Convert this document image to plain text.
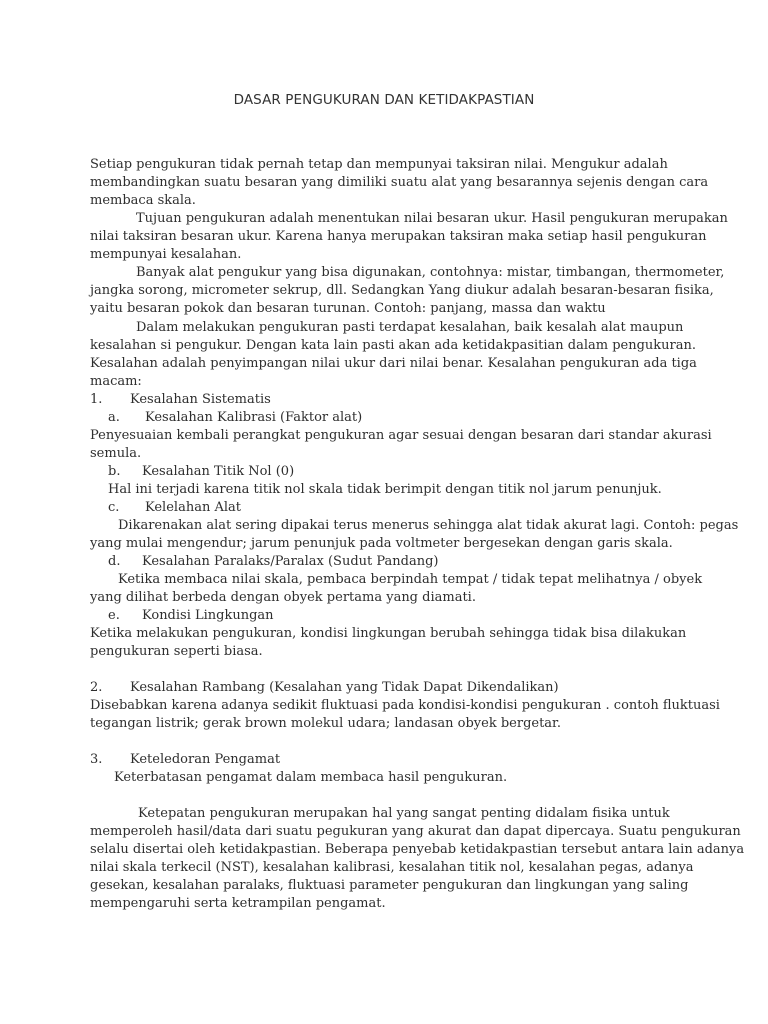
DASAR PENGUKURAN DAN KETIDAKPASTIAN
Setiap pengukuran tidak pernah tetap dan mempunyai taksiran nilai. Mengukur adalah
membandingkan suatu besaran yang dimiliki suatu alat yang besarannya sejenis dengan cara
membaca skala.
Tujuan pengukuran adalah menentukan nilai besaran ukur. Hasil pengukuran merupakan
nilai taksiran besaran ukur. Karena hanya merupakan taksiran maka setiap hasil pengukuran
mempunyai kesalahan.
Banyak alat pengukur yang bisa digunakan, contohnya: mistar, timbangan, thermometer,
jangka sorong, micrometer sekrup, dll. Sedangkan Yang diukur adalah besaran-besaran fisika,
yaitu besaran pokok dan besaran turunan. Contoh: panjang, massa dan waktu
Dalam melakukan pengukuran pasti terdapat kesalahan, baik kesalah alat maupun
kesalahan si pengukur. Dengan kata lain pasti akan ada ketidakpasitian dalam pengukuran.
Kesalahan adalah penyimpangan nilai ukur dari nilai benar. Kesalahan pengukuran ada tiga
macam:
1. Kesalahan Sistematis
a. Kesalahan Kalibrasi (Faktor alat)
Penyesuaian kembali perangkat pengukuran agar sesuai dengan besaran dari standar akurasi
semula.
b. Kesalahan Titik Nol (0)
Hal ini terjadi karena titik nol skala tidak berimpit dengan titik nol jarum penunjuk.
c. Kelelahan Alat
Dikarenakan alat sering dipakai terus menerus sehingga alat tidak akurat lagi. Contoh: pegas
yang mulai mengendur; jarum penunjuk pada voltmeter bergesekan dengan garis skala.
d. Kesalahan Paralaks/Paralax (Sudut Pandang)
Ketika membaca nilai skala, pembaca berpindah tempat / tidak tepat melihatnya / obyek
yang dilihat berbeda dengan obyek pertama yang diamati.
e. Kondisi Lingkungan
Ketika melakukan pengukuran, kondisi lingkungan berubah sehingga tidak bisa dilakukan
pengukuran seperti biasa.
2. Kesalahan Rambang (Kesalahan yang Tidak Dapat Dikendalikan)
Disebabkan karena adanya sedikit fluktuasi pada kondisi-kondisi pengukuran . contoh fluktuasi
tegangan listrik; gerak brown molekul udara; landasan obyek bergetar.
3. Keteledoran Pengamat
Keterbatasan pengamat dalam membaca hasil pengukuran.
Ketepatan pengukuran merupakan hal yang sangat penting didalam fisika untuk
memperoleh hasil/data dari suatu pegukuran yang akurat dan dapat dipercaya. Suatu pengukuran
selalu disertai oleh ketidakpastian. Beberapa penyebab ketidakpastian tersebut antara lain adanya
nilai skala terkecil (NST), kesalahan kalibrasi, kesalahan titik nol, kesalahan pegas, adanya
gesekan, kesalahan paralaks, fluktuasi parameter pengukuran dan lingkungan yang saling
mempengaruhi serta ketrampilan pengamat.
